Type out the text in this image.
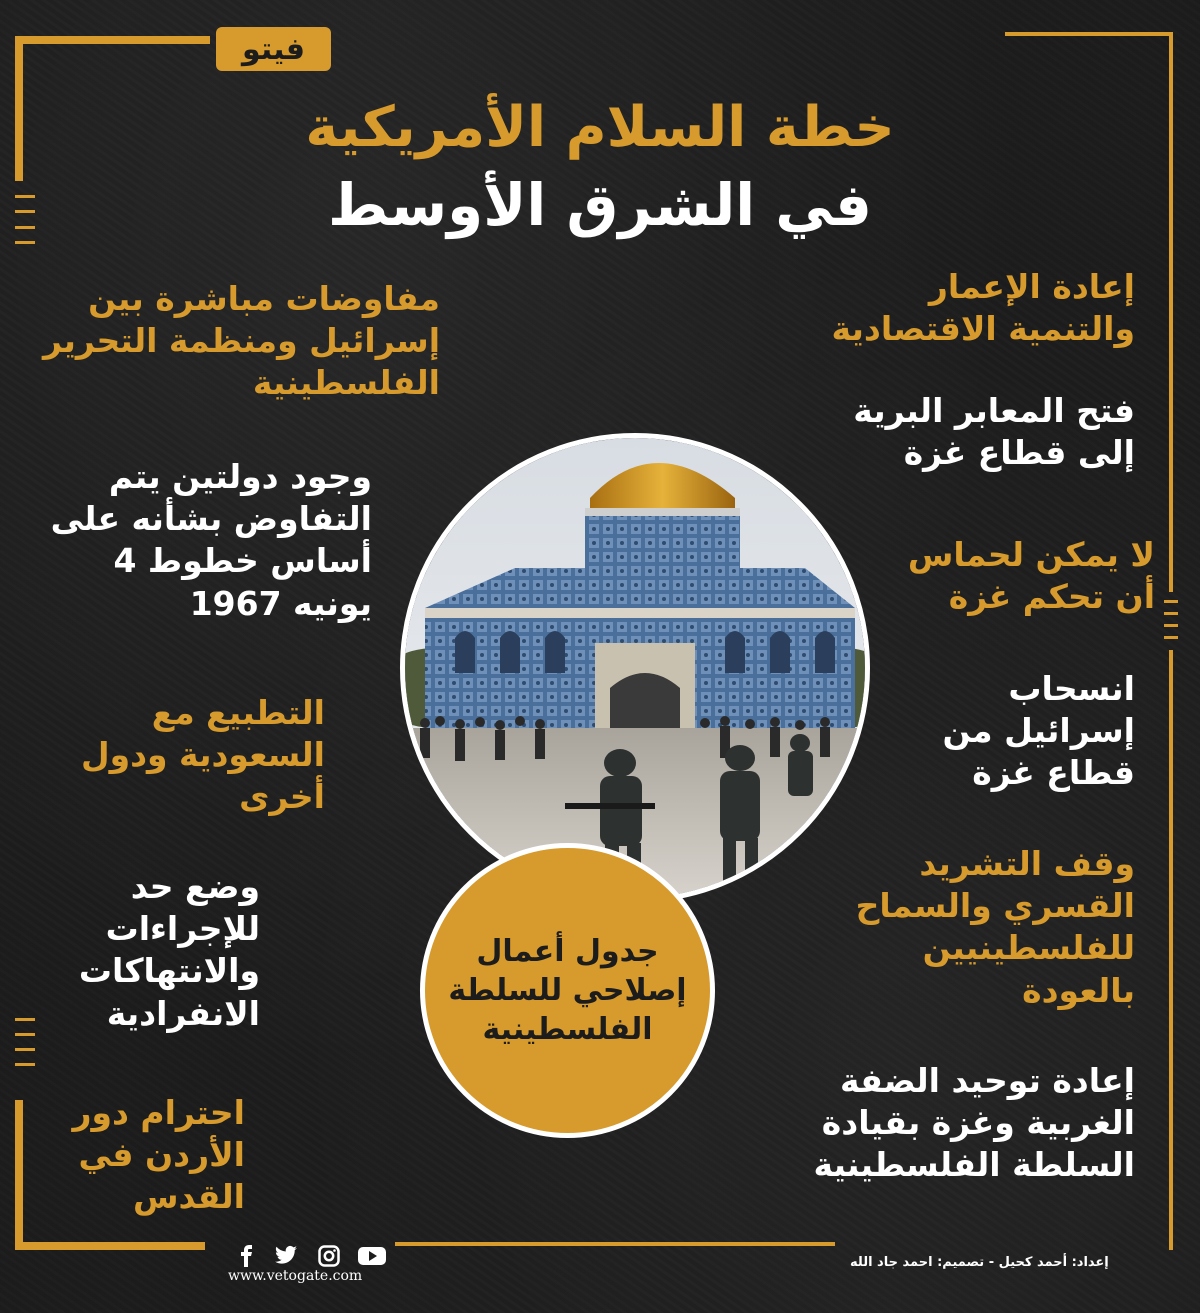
فيتو
خطة السلام الأمريكية
في الشرق الأوسط
مفاوضات مباشرة بين
إسرائيل ومنظمة التحرير
الفلسطينية
وجود دولتين يتم
التفاوض بشأنه على
أساس خطوط 4
يونيه 1967
التطبيع مع
السعودية ودول
أخرى
وضع حد
للإجراءات
والانتهاكات
الانفرادية
احترام دور
الأردن في
القدس
إعادة الإعمار
والتنمية الاقتصادية
فتح المعابر البرية
إلى قطاع غزة
لا يمكن لحماس
أن تحكم غزة
انسحاب
إسرائيل من
قطاع غزة
وقف التشريد
القسري والسماح
للفلسطينيين
بالعودة
إعادة توحيد الضفة
الغربية وغزة بقيادة
السلطة الفلسطينية
جدول أعمال
إصلاحي للسلطة
الفلسطينية
www.vetogate.com
إعداد: أحمد كحيل - تصميم: احمد جاد الله
